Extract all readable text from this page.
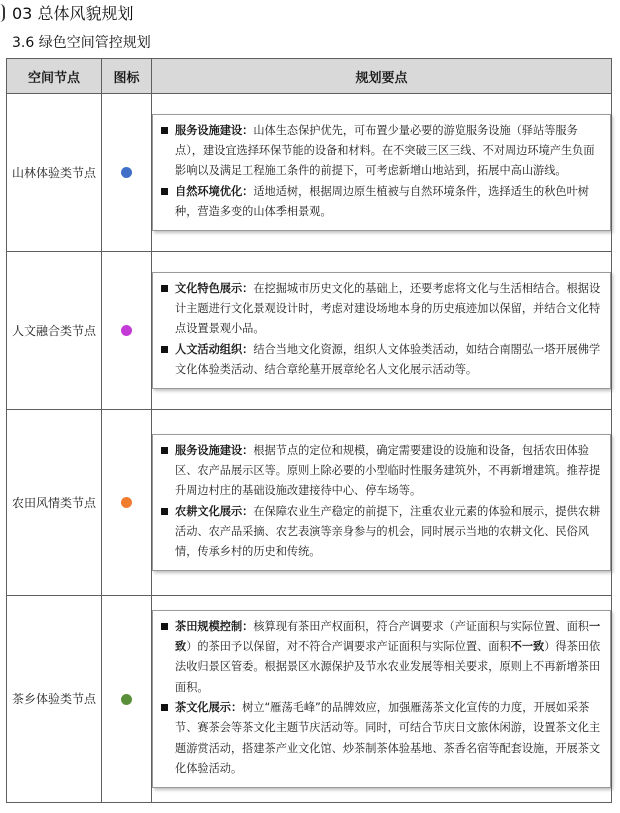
03 总体风貌规划
3.6 绿色空间管控规划
空间节点	图标	规划要点
山林体验类节点		服务设施建设：山体生态保护优先，可布置少量必要的游览服务设施（驿站等服务点），建设宜选择环保节能的设备和材料。在不突破三区三线、不对周边环境产生负面影响以及满足工程施工条件的前提下，可考虑新增山地站到，拓展中高山游线。
自然环境优化：适地适树，根据周边原生植被与自然环境条件，选择适生的秋色叶树种，营造多变的山体季相景观。

人文融合类节点		文化特色展示：在挖掘城市历史文化的基础上，还要考虑将文化与生活相结合。根据设计主题进行文化景观设计时，考虑对建设场地本身的历史痕迹加以保留，并结合文化特点设置景观小品。
人文活动组织：结合当地文化资源，组织人文体验类活动，如结合南閤弘一塔开展佛学文化体验类活动、结合章纶墓开展章纶名人文化展示活动等。

农田风情类节点		服务设施建设：根据节点的定位和规模，确定需要建设的设施和设备，包括农田体验区、农产品展示区等。原则上除必要的小型临时性服务建筑外，不再新增建筑。推荐提升周边村庄的基础设施改建接待中心、停车场等。
农耕文化展示：在保障农业生产稳定的前提下，注重农业元素的体验和展示，提供农耕活动、农产品采摘、农艺表演等亲身参与的机会，同时展示当地的农耕文化、民俗风情，传承乡村的历史和传统。

茶乡体验类节点		茶田规模控制：核算现有茶田产权面积，符合产调要求（产证面积与实际位置、面积一致）的茶田予以保留，对不符合产调要求产证面积与实际位置、面积不一致）得茶田依法收归景区管委。根据景区水源保护及节水农业发展等相关要求，原则上不再新增茶田面积。
茶文化展示：树立“雁荡毛峰”的品牌效应，加强雁荡茶文化宣传的力度，开展如采茶节、赛茶会等茶文化主题节庆活动等。同时，可结合节庆日文旅休闲游，设置茶文化主题游赏活动，搭建茶产业文化馆、炒茶制茶体验基地、茶香名宿等配套设施，开展茶文化体验活动。
